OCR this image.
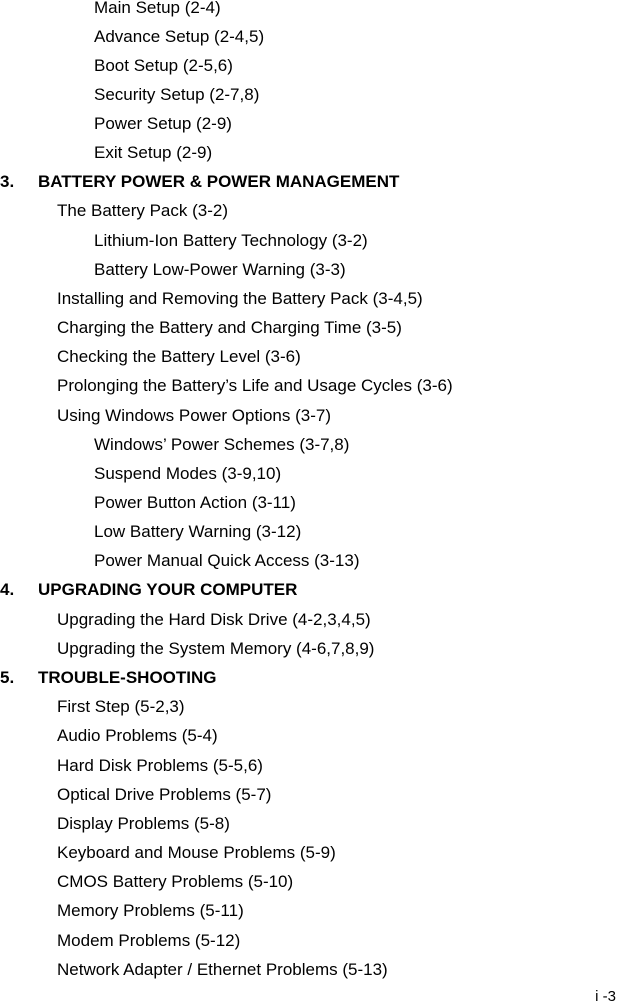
Main Setup (2-4)
Advance Setup (2-4,5)
Boot Setup (2-5,6)
Security Setup (2-7,8)
Power Setup (2-9)
Exit Setup (2-9)
3. BATTERY POWER & POWER MANAGEMENT
The Battery Pack (3-2)
Lithium-Ion Battery Technology (3-2)
Battery Low-Power Warning (3-3)
Installing and Removing the Battery Pack (3-4,5)
Charging the Battery and Charging Time (3-5)
Checking the Battery Level (3-6)
Prolonging the Battery’s Life and Usage Cycles (3-6)
Using Windows Power Options (3-7)
Windows’ Power Schemes (3-7,8)
Suspend Modes (3-9,10)
Power Button Action (3-11)
Low Battery Warning (3-12)
Power Manual Quick Access (3-13)
4. UPGRADING YOUR COMPUTER
Upgrading the Hard Disk Drive (4-2,3,4,5)
Upgrading the System Memory (4-6,7,8,9)
5. TROUBLE-SHOOTING
First Step (5-2,3)
Audio Problems (5-4)
Hard Disk Problems (5-5,6)
Optical Drive Problems (5-7)
Display Problems (5-8)
Keyboard and Mouse Problems (5-9)
CMOS Battery Problems (5-10)
Memory Problems (5-11)
Modem Problems (5-12)
Network Adapter / Ethernet Problems (5-13)
i -3
